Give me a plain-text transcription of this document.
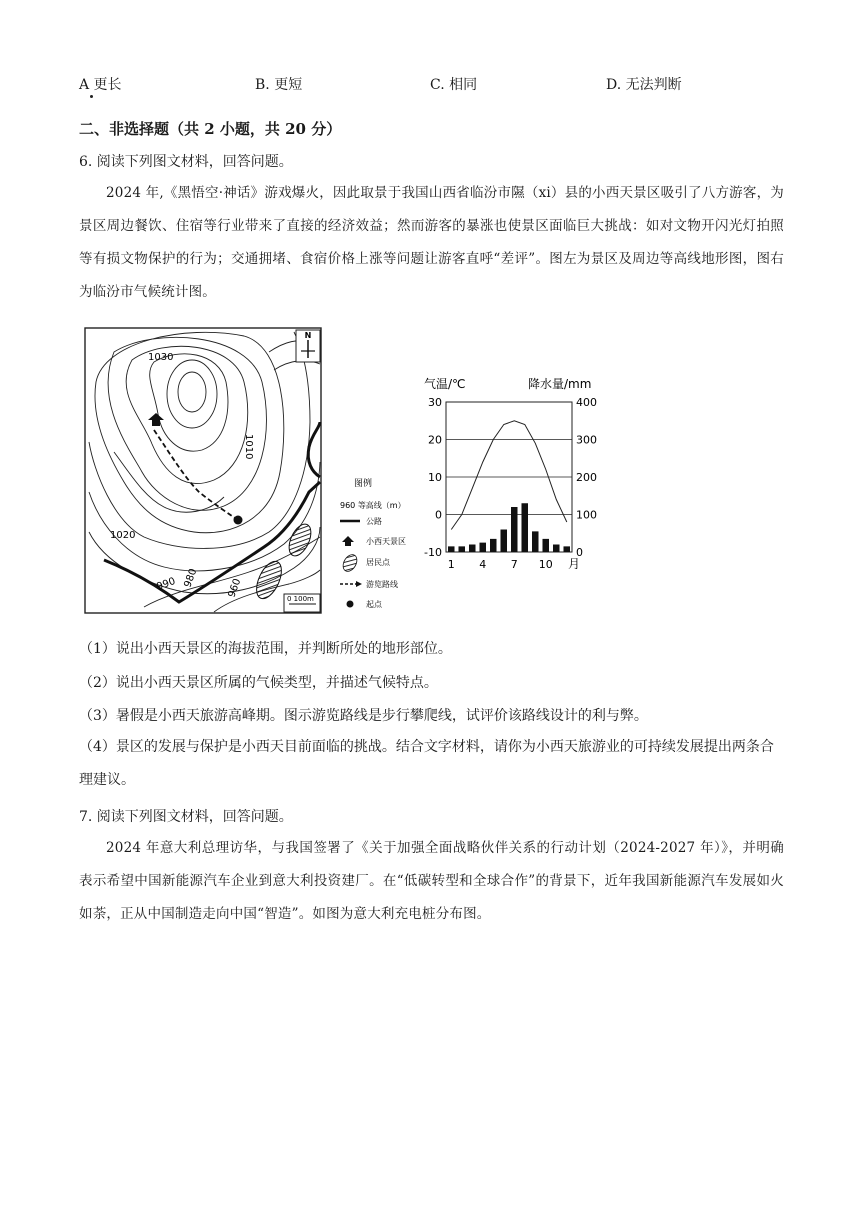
A 更长	B. 更短	C. 相同	D. 无法判断
二、非选择题（共 2 小题，共 20 分）
6. 阅读下列图文材料，回答问题。
2024 年,《黑悟空·神话》游戏爆火，因此取景于我国山西省临汾市隰（xi）县的小西天景区吸引了八方游客，为景区周边餐饮、住宿等行业带来了直接的经济效益；然而游客的暴涨也使景区面临巨大挑战：如对文物开闪光灯拍照等有损文物保护的行为；交通拥堵、食宿价格上涨等问题让游客直呼“差评”。图左为景区及周边等高线地形图，图右为临汾市气候统计图。
N
1030
1010
1020
990 980	960	0 100m
图例
960 等高线（m）
公路
小西天景区
居民点
游览路线
起点
气温/℃	降水量/mm
30
20
10
0
-10
400
300
200
100
0
1 4 7 10 月
（1）说出小西天景区的海拔范围，并判断所处的地形部位。
（2）说出小西天景区所属的气候类型，并描述气候特点。
（3）暑假是小西天旅游高峰期。图示游览路线是步行攀爬线，试评价该路线设计的利与弊。
（4）景区的发展与保护是小西天目前面临的挑战。结合文字材料，请你为小西天旅游业的可持续发展提出两条合理建议。
7. 阅读下列图文材料，回答问题。
2024 年意大利总理访华，与我国签署了《关于加强全面战略伙伴关系的行动计划（2024-2027 年）》，并明确表示希望中国新能源汽车企业到意大利投资建厂。在“低碳转型和全球合作”的背景下，近年我国新能源汽车发展如火如荼，正从中国制造走向中国“智造”。如图为意大利充电桩分布图。
